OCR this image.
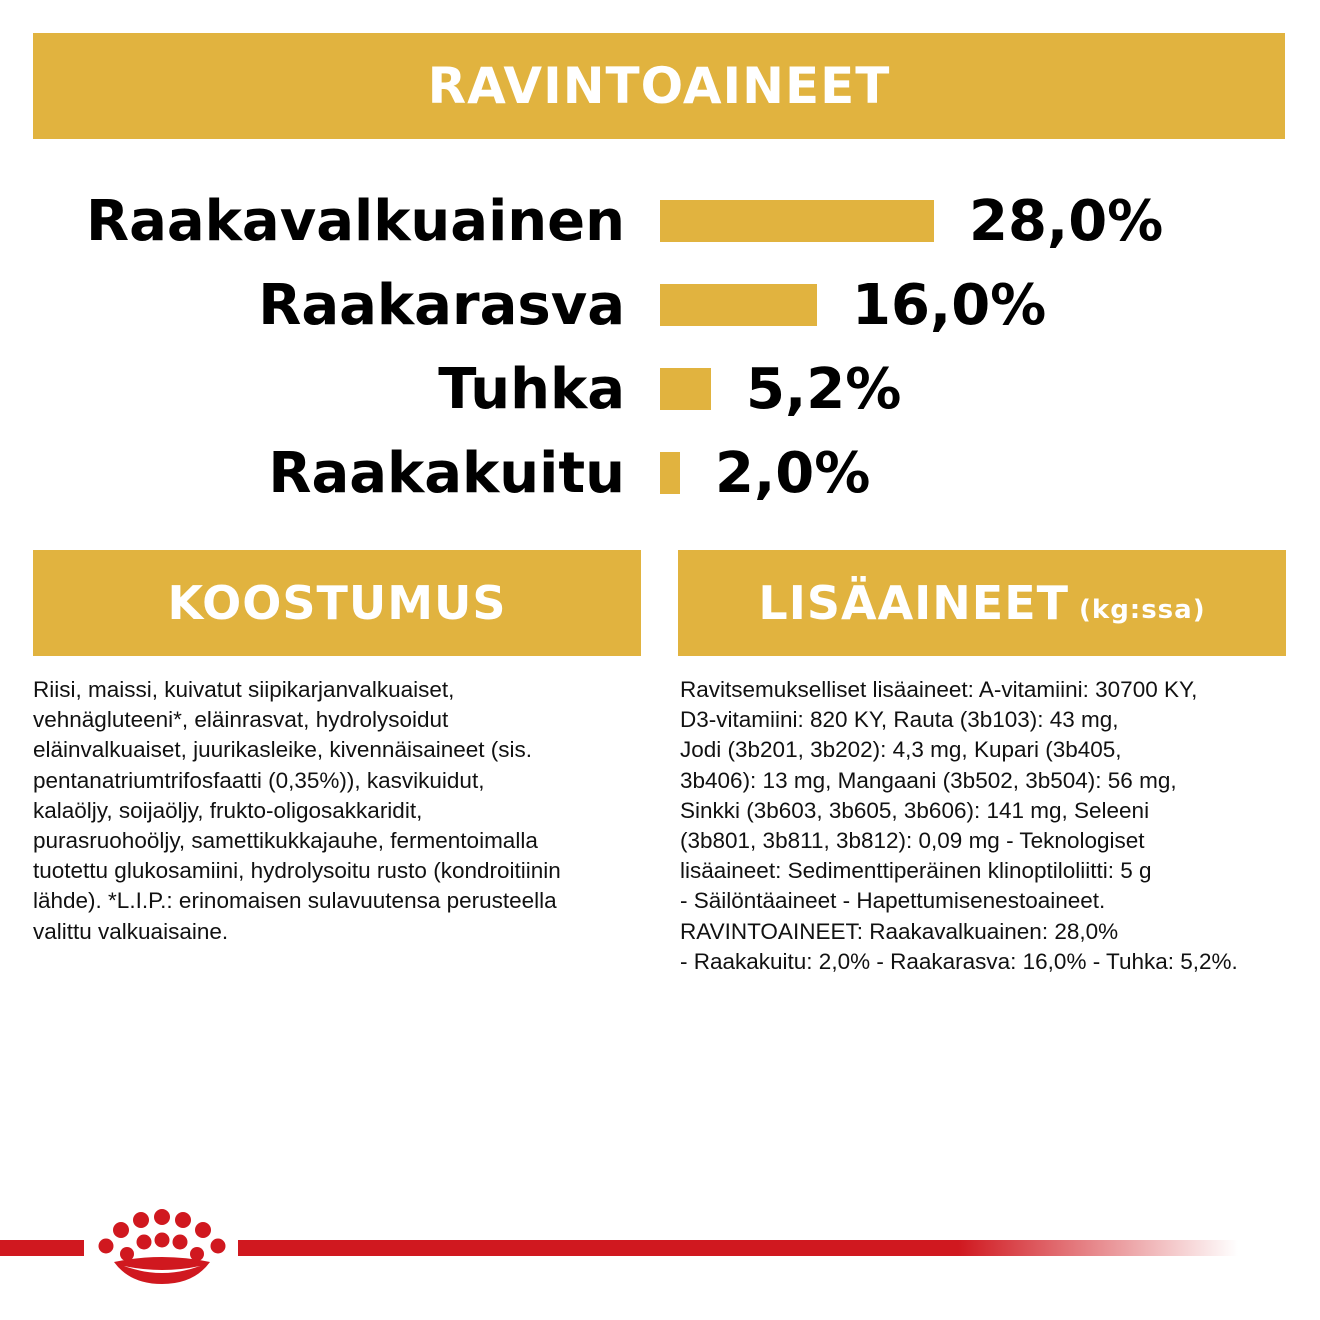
RAVINTOAINEET
Raakavalkuainen	28,0%
Raakarasva	16,0%
Tuhka 5,2%
Raakakuitu 2,0%
KOOSTUMUS	LISÄAINEET (kg:ssa)
Riisi, maissi, kuivatut siipikarjanvalkuaiset,
vehnägluteeni*, eläinrasvat, hydrolysoidut
eläinvalkuaiset, juurikasleike, kivennäisaineet (sis.
pentanatriumtrifosfaatti (0,35%)), kasvikuidut,
kalaöljy, soijaöljy, frukto-oligosakkaridit,
purasruohoöljy, samettikukkajauhe, fermentoimalla
tuotettu glukosamiini, hydrolysoitu rusto (kondroitiinin
lähde). *L.I.P.: erinomaisen sulavuutensa perusteella
valittu valkuaisaine.
Ravitsemukselliset lisäaineet: A-vitamiini: 30700 KY,
D3-vitamiini: 820 KY, Rauta (3b103): 43 mg,
Jodi (3b201, 3b202): 4,3 mg, Kupari (3b405,
3b406): 13 mg, Mangaani (3b502, 3b504): 56 mg,
Sinkki (3b603, 3b605, 3b606): 141 mg, Seleeni
(3b801, 3b811, 3b812): 0,09 mg - Teknologiset
lisäaineet: Sedimenttiperäinen klinoptiloliitti: 5 g
- Säilöntäaineet - Hapettumisenestoaineet.
RAVINTOAINEET: Raakavalkuainen: 28,0%
- Raakakuitu: 2,0% - Raakarasva: 16,0% - Tuhka: 5,2%.
